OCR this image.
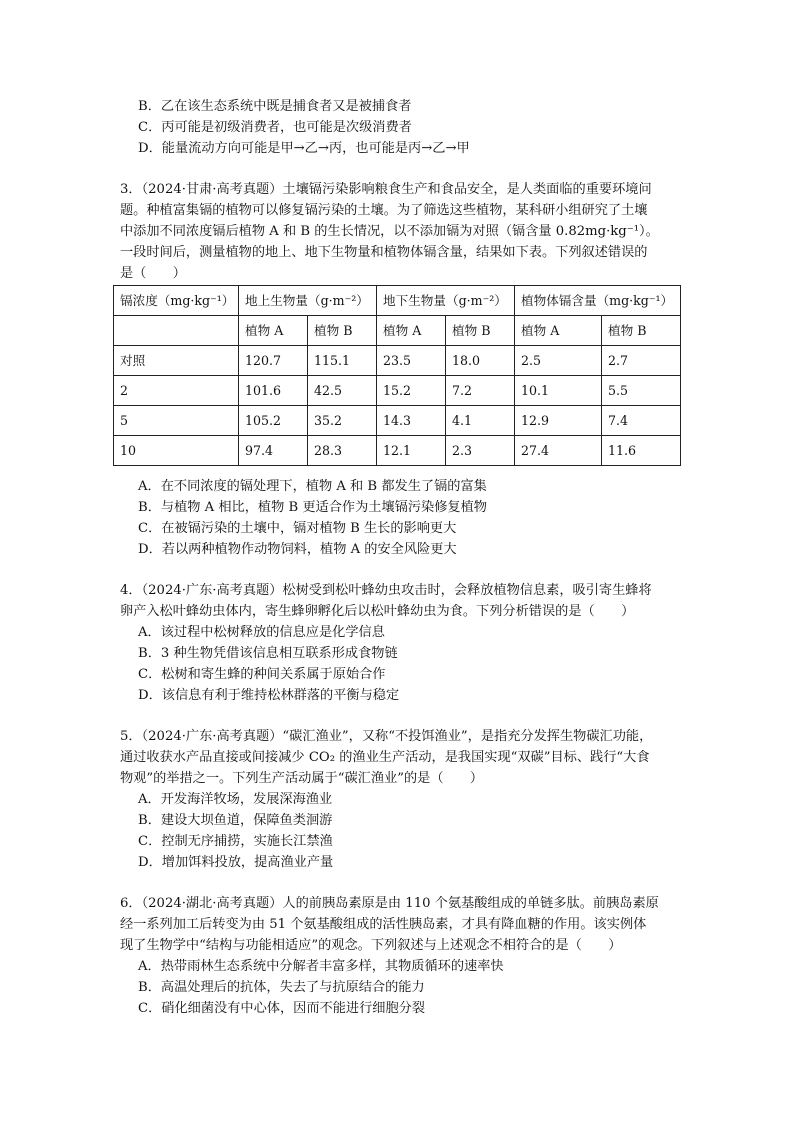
B．乙在该生态系统中既是捕食者又是被捕食者
C．丙可能是初级消费者，也可能是次级消费者
D．能量流动方向可能是甲→乙→丙，也可能是丙→乙→甲
3．（2024·甘肃·高考真题）土壤镉污染影响粮食生产和食品安全，是人类面临的重要环境问
题。种植富集镉的植物可以修复镉污染的土壤。为了筛选这些植物，某科研小组研究了土壤
中添加不同浓度镉后植物 A 和 B 的生长情况，以不添加镉为对照（镉含量 0.82mg·kg⁻¹）。
一段时间后，测量植物的地上、地下生物量和植物体镉含量，结果如下表。下列叙述错误的
是（　　）
镉浓度（mg·kg⁻¹）	地上生物量（g·m⁻²）		地下生物量（g·m⁻²）		植物体镉含量（mg·kg⁻¹）	
	植物 A	植物 B	植物 A	植物 B	植物 A	植物 B
对照	120.7	115.1	23.5	18.0	2.5	2.7
2	101.6	42.5	15.2	7.2	10.1	5.5
5	105.2	35.2	14.3	4.1	12.9	7.4
10	97.4	28.3	12.1	2.3	27.4	11.6
A．在不同浓度的镉处理下，植物 A 和 B 都发生了镉的富集
B．与植物 A 相比，植物 B 更适合作为土壤镉污染修复植物
C．在被镉污染的土壤中，镉对植物 B 生长的影响更大
D．若以两种植物作动物饲料，植物 A 的安全风险更大
4．（2024·广东·高考真题）松树受到松叶蜂幼虫攻击时，会释放植物信息素，吸引寄生蜂将
卵产入松叶蜂幼虫体内，寄生蜂卵孵化后以松叶蜂幼虫为食。下列分析错误的是（　　）
A．该过程中松树释放的信息应是化学信息
B．3 种生物凭借该信息相互联系形成食物链
C．松树和寄生蜂的种间关系属于原始合作
D．该信息有利于维持松林群落的平衡与稳定
5．（2024·广东·高考真题）“碳汇渔业”，又称“不投饵渔业”，是指充分发挥生物碳汇功能，
通过收获水产品直接或间接减少 CO₂ 的渔业生产活动，是我国实现“双碳”目标、践行“大食
物观”的举措之一。下列生产活动属于“碳汇渔业”的是（　　）
A．开发海洋牧场，发展深海渔业
B．建设大坝鱼道，保障鱼类洄游
C．控制无序捕捞，实施长江禁渔
D．增加饵料投放，提高渔业产量
6．（2024·湖北·高考真题）人的前胰岛素原是由 110 个氨基酸组成的单链多肽。前胰岛素原
经一系列加工后转变为由 51 个氨基酸组成的活性胰岛素，才具有降血糖的作用。该实例体
现了生物学中“结构与功能相适应”的观念。下列叙述与上述观念不相符合的是（　　）
A．热带雨林生态系统中分解者丰富多样，其物质循环的速率快
B．高温处理后的抗体，失去了与抗原结合的能力
C．硝化细菌没有中心体，因而不能进行细胞分裂
